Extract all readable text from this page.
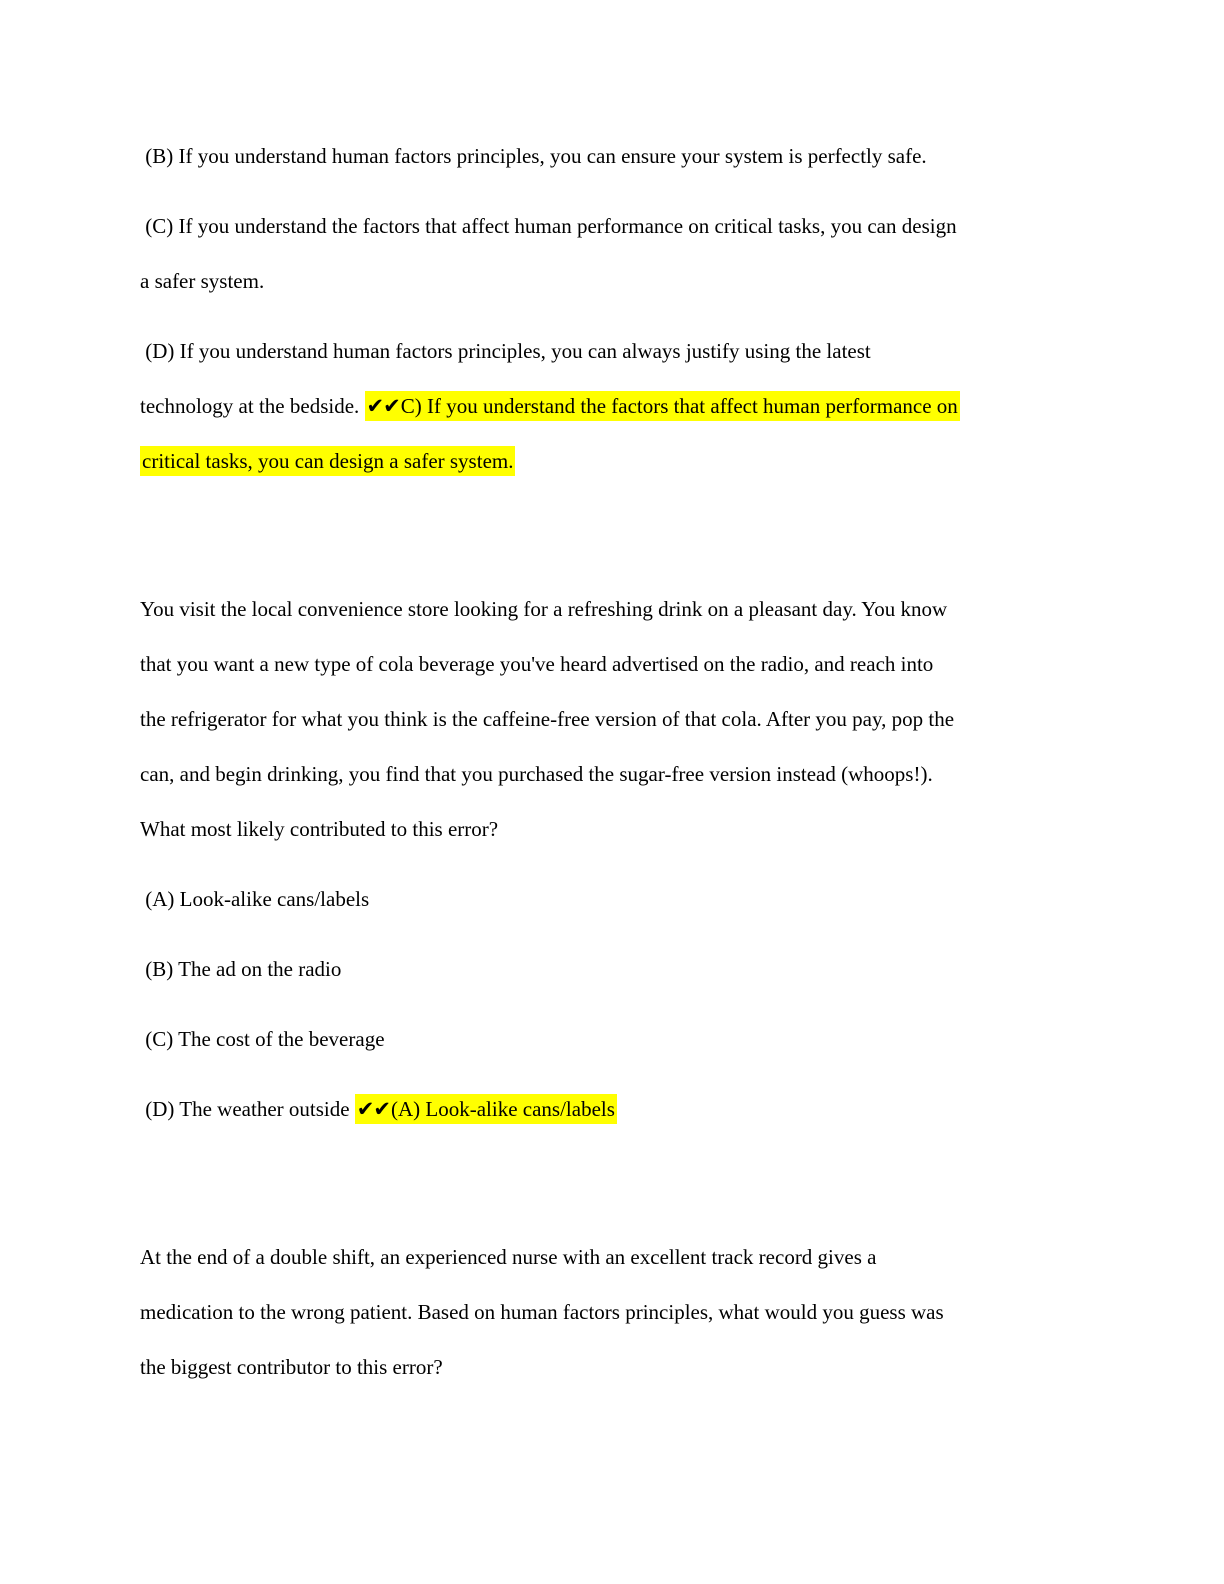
(B) If you understand human factors principles, you can ensure your system is perfectly safe.
(C) If you understand the factors that affect human performance on critical tasks, you can design
a safer system.
(D) If you understand human factors principles, you can always justify using the latest
technology at the bedside. ✔✔C) If you understand the factors that affect human performance on
critical tasks, you can design a safer system.
You visit the local convenience store looking for a refreshing drink on a pleasant day. You know
that you want a new type of cola beverage you've heard advertised on the radio, and reach into
the refrigerator for what you think is the caffeine-free version of that cola. After you pay, pop the
can, and begin drinking, you find that you purchased the sugar-free version instead (whoops!).
What most likely contributed to this error?
(A) Look-alike cans/labels
(B) The ad on the radio
(C) The cost of the beverage
(D) The weather outside ✔✔(A) Look-alike cans/labels
At the end of a double shift, an experienced nurse with an excellent track record gives a
medication to the wrong patient. Based on human factors principles, what would you guess was
the biggest contributor to this error?
